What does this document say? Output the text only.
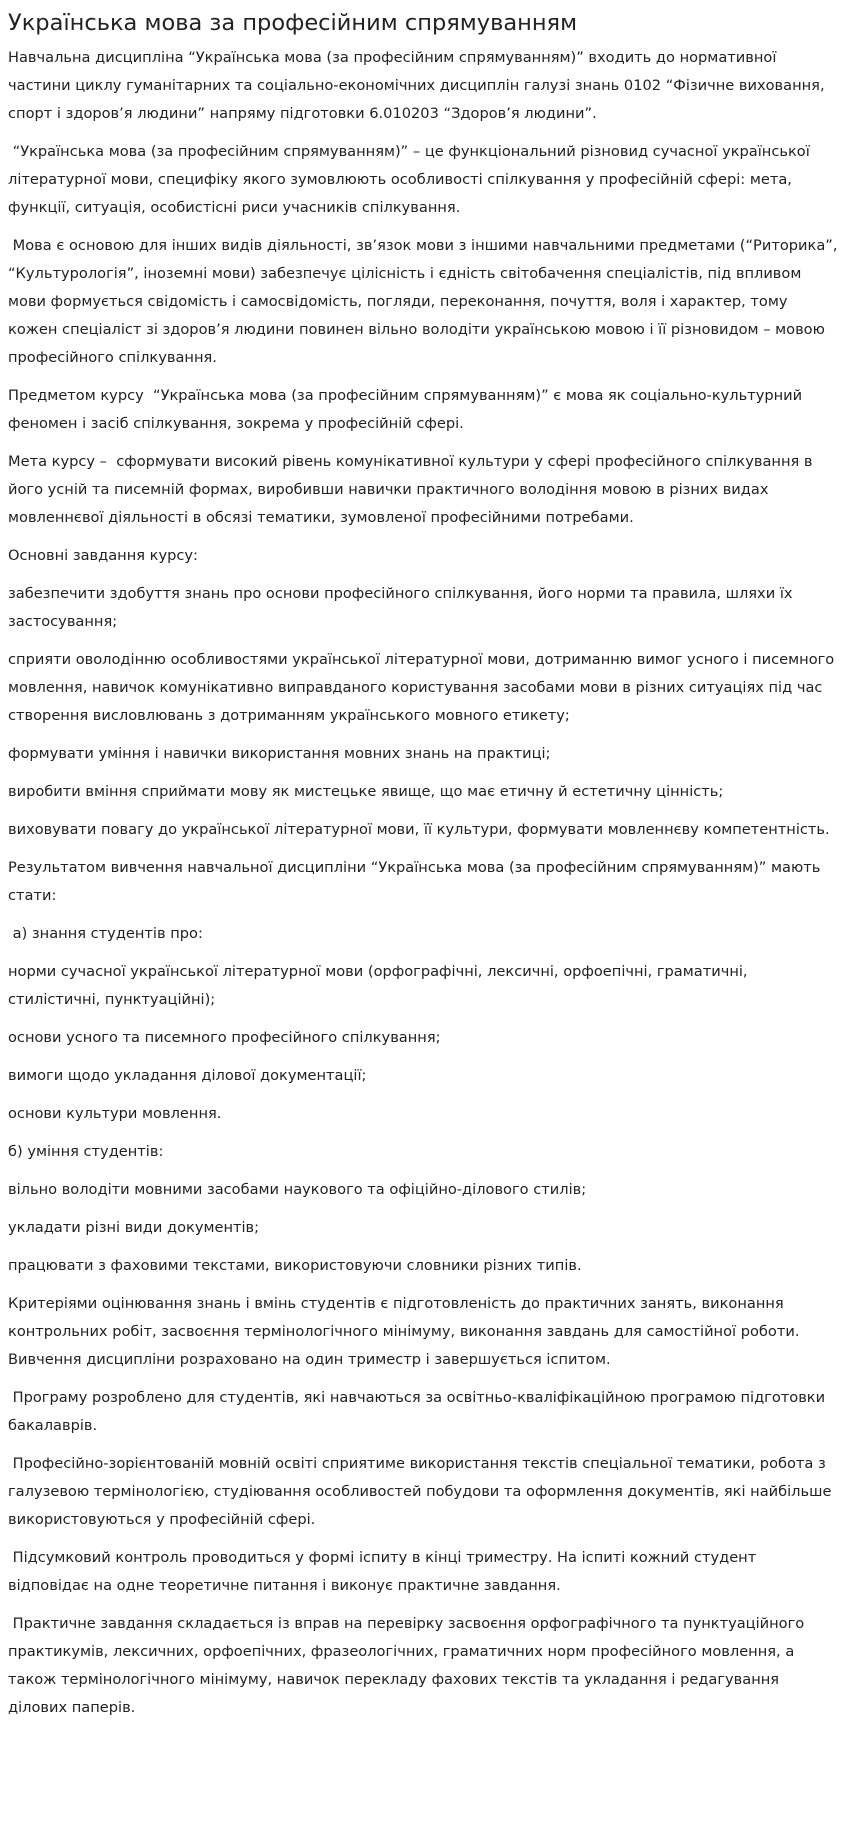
Українська мова за професійним спрямуванням

Навчальна дисципліна “Українська мова (за професійним спрямуванням)” входить до нормативної частини циклу гуманітарних та соціально-економічних дисциплін галузі знань 0102 “Фізичне виховання, спорт і здоров’я людини” напряму підготовки 6.010203 “Здоров’я людини”.

“Українська мова (за професійним спрямуванням)” – це функціональний різновид сучасної української літературної мови, специфіку якого зумовлюють особливості спілкування у професійній сфері: мета, функції, ситуація, особистісні риси учасників спілкування.

Мова є основою для інших видів діяльності, зв’язок мови з іншими навчальними предметами (“Риторика”, “Культурологія”, іноземні мови) забезпечує цілісність і єдність світобачення спеціалістів, під впливом мови формується свідомість і самосвідомість, погляди, переконання, почуття, воля і характер, тому кожен спеціаліст зі здоров’я людини повинен вільно володіти українською мовою і її різновидом – мовою професійного спілкування.

Предметом курсу  “Українська мова (за професійним спрямуванням)” є мова як соціально-культурний феномен і засіб спілкування, зокрема у професійній сфері.

Мета курсу –  сформувати високий рівень комунікативної культури у сфері професійного спілкування в його усній та писемній формах, виробивши навички практичного володіння мовою в різних видах мовленнєвої діяльності в обсязі тематики, зумовленої професійними потребами.

Основні завдання курсу:

забезпечити здобуття знань про основи професійного спілкування, його норми та правила, шляхи їх застосування;

сприяти оволодінню особливостями української літературної мови, дотриманню вимог усного і писемного мовлення, навичок комунікативно виправданого користування засобами мови в різних ситуаціях під час створення висловлювань з дотриманням українського мовного етикету;

формувати уміння і навички використання мовних знань на практиці;

виробити вміння сприймати мову як мистецьке явище, що має етичну й естетичну цінність;

виховувати повагу до української літературної мови, її культури, формувати мовленнєву компетентність.

Результатом вивчення навчальної дисципліни “Українська мова (за професійним спрямуванням)” мають стати:

а) знання студентів про:

норми сучасної української літературної мови (орфографічні, лексичні, орфоепічні, граматичні, стилістичні, пунктуаційні);

основи усного та писемного професійного спілкування;

вимоги щодо укладання ділової документації;

основи культури мовлення.

б) уміння студентів:

вільно володіти мовними засобами наукового та офіційно-ділового стилів;

укладати різні види документів;

працювати з фаховими текстами, використовуючи словники різних типів.

Критеріями оцінювання знань і вмінь студентів є підготовленість до практичних занять, виконання контрольних робіт, засвоєння термінологічного мінімуму, виконання завдань для самостійної роботи. Вивчення дисципліни розраховано на один триместр і завершується іспитом.

Програму розроблено для студентів, які навчаються за освітньо-кваліфікаційною програмою підготовки бакалаврів.

Професійно-зорієнтованій мовній освіті сприятиме використання текстів спеціальної тематики, робота з галузевою термінологією, студіювання особливостей побудови та оформлення документів, які найбільше використовуються у професійній сфері.

Підсумковий контроль проводиться у формі іспиту в кінці триместру. На іспиті кожний студент відповідає на одне теоретичне питання і виконує практичне завдання.

Практичне завдання складається із вправ на перевірку засвоєння орфографічного та пунктуаційного практикумів, лексичних, орфоепічних, фразеологічних, граматичних норм професійного мовлення, а також термінологічного мінімуму, навичок перекладу фахових текстів та укладання і редагування ділових паперів.
